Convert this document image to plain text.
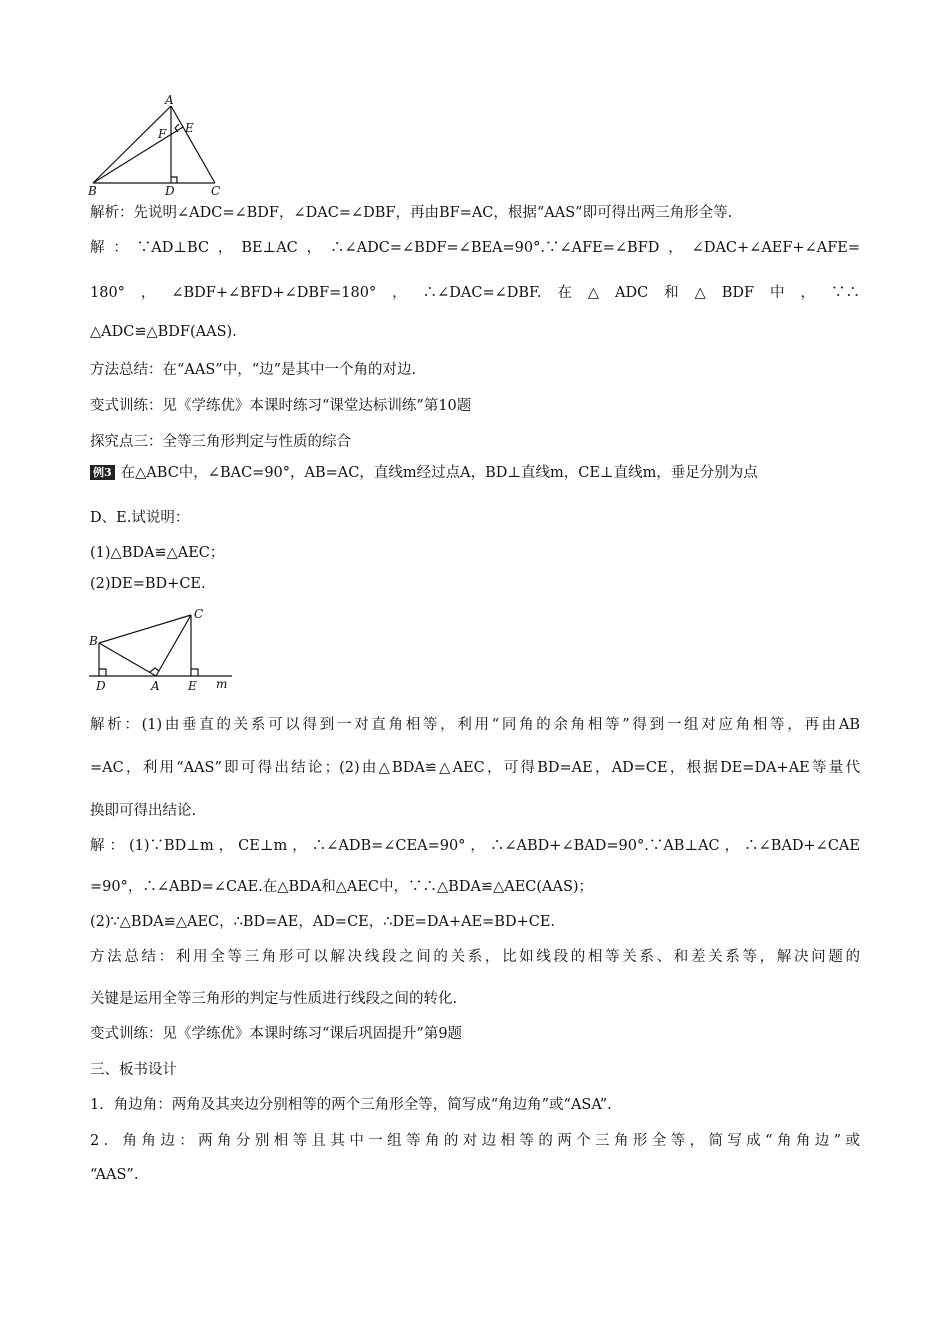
A
E
F
B	D	C
解析：先说明∠ADC=∠BDF，∠DAC=∠DBF，再由BF=AC，根据“AAS”即可得出两三角形全等.
解：∵AD⊥BC，BE⊥AC，∴∠ADC=∠BDF=∠BEA=90°.∵∠AFE=∠BFD，∠DAC+∠AEF+∠AFE=
180°，∠BDF+∠BFD+∠DBF=180°，∴∠DAC=∠DBF.在△ADC和△BDF中，∵∴
△ADC≌△BDF(AAS).
方法总结：在“AAS”中，“边”是其中一个角的对边.
变式训练：见《学练优》本课时练习“课堂达标训练”第10题
探究点三：全等三角形判定与性质的综合
例3 在△ABC中，∠BAC=90°，AB=AC，直线m经过点A，BD⊥直线m，CE⊥直线m，垂足分别为点
D、E.试说明：
(1)△BDA≌△AEC；
(2)DE=BD+CE.
B
C
D	A E m
解析：(1)由垂直的关系可以得到一对直角相等，利用“同角的余角相等”得到一组对应角相等，再由AB
=AC，利用“AAS”即可得出结论；(2)由△BDA≌△AEC，可得BD=AE，AD=CE，根据DE=DA+AE等量代
换即可得出结论.
解：(1)∵BD⊥m，CE⊥m，∴∠ADB=∠CEA=90°，∴∠ABD+∠BAD=90°.∵AB⊥AC，∴∠BAD+∠CAE
=90°，∴∠ABD=∠CAE.在△BDA和△AEC中，∵∴△BDA≌△AEC(AAS)；
(2)∵△BDA≌△AEC，∴BD=AE，AD=CE，∴DE=DA+AE=BD+CE.
方法总结：利用全等三角形可以解决线段之间的关系，比如线段的相等关系、和差关系等，解决问题的
关键是运用全等三角形的判定与性质进行线段之间的转化.
变式训练：见《学练优》本课时练习“课后巩固提升”第9题
三、板书设计
1．角边角：两角及其夹边分别相等的两个三角形全等，简写成“角边角”或“ASA”.
2．角角边：两角分别相等且其中一组等角的对边相等的两个三角形全等，简写成“角角边”或
“AAS”.
